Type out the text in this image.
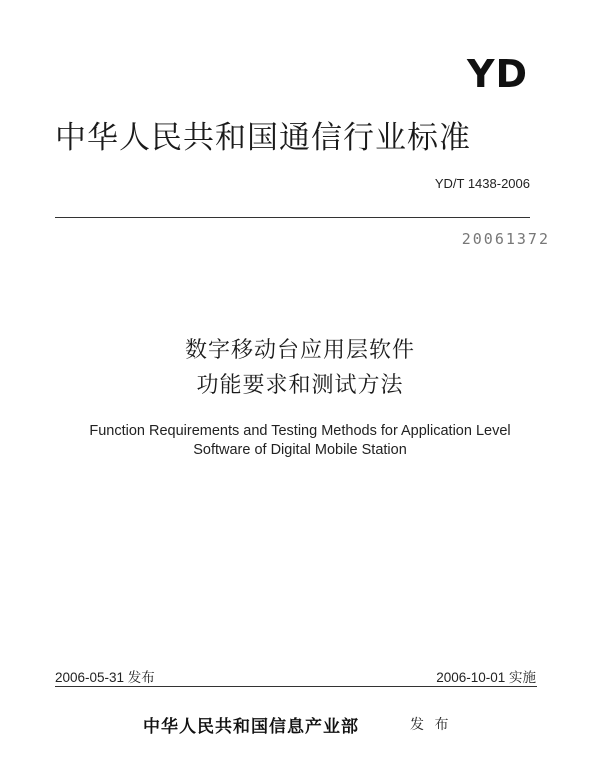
YD
中华人民共和国通信行业标准
YD/T 1438-2006
20061372
数字移动台应用层软件
功能要求和测试方法
Function Requirements and Testing Methods for Application Level
Software of Digital Mobile Station
2006-05-31 发布	2006-10-01 实施
中华人民共和国信息产业部	发 布
